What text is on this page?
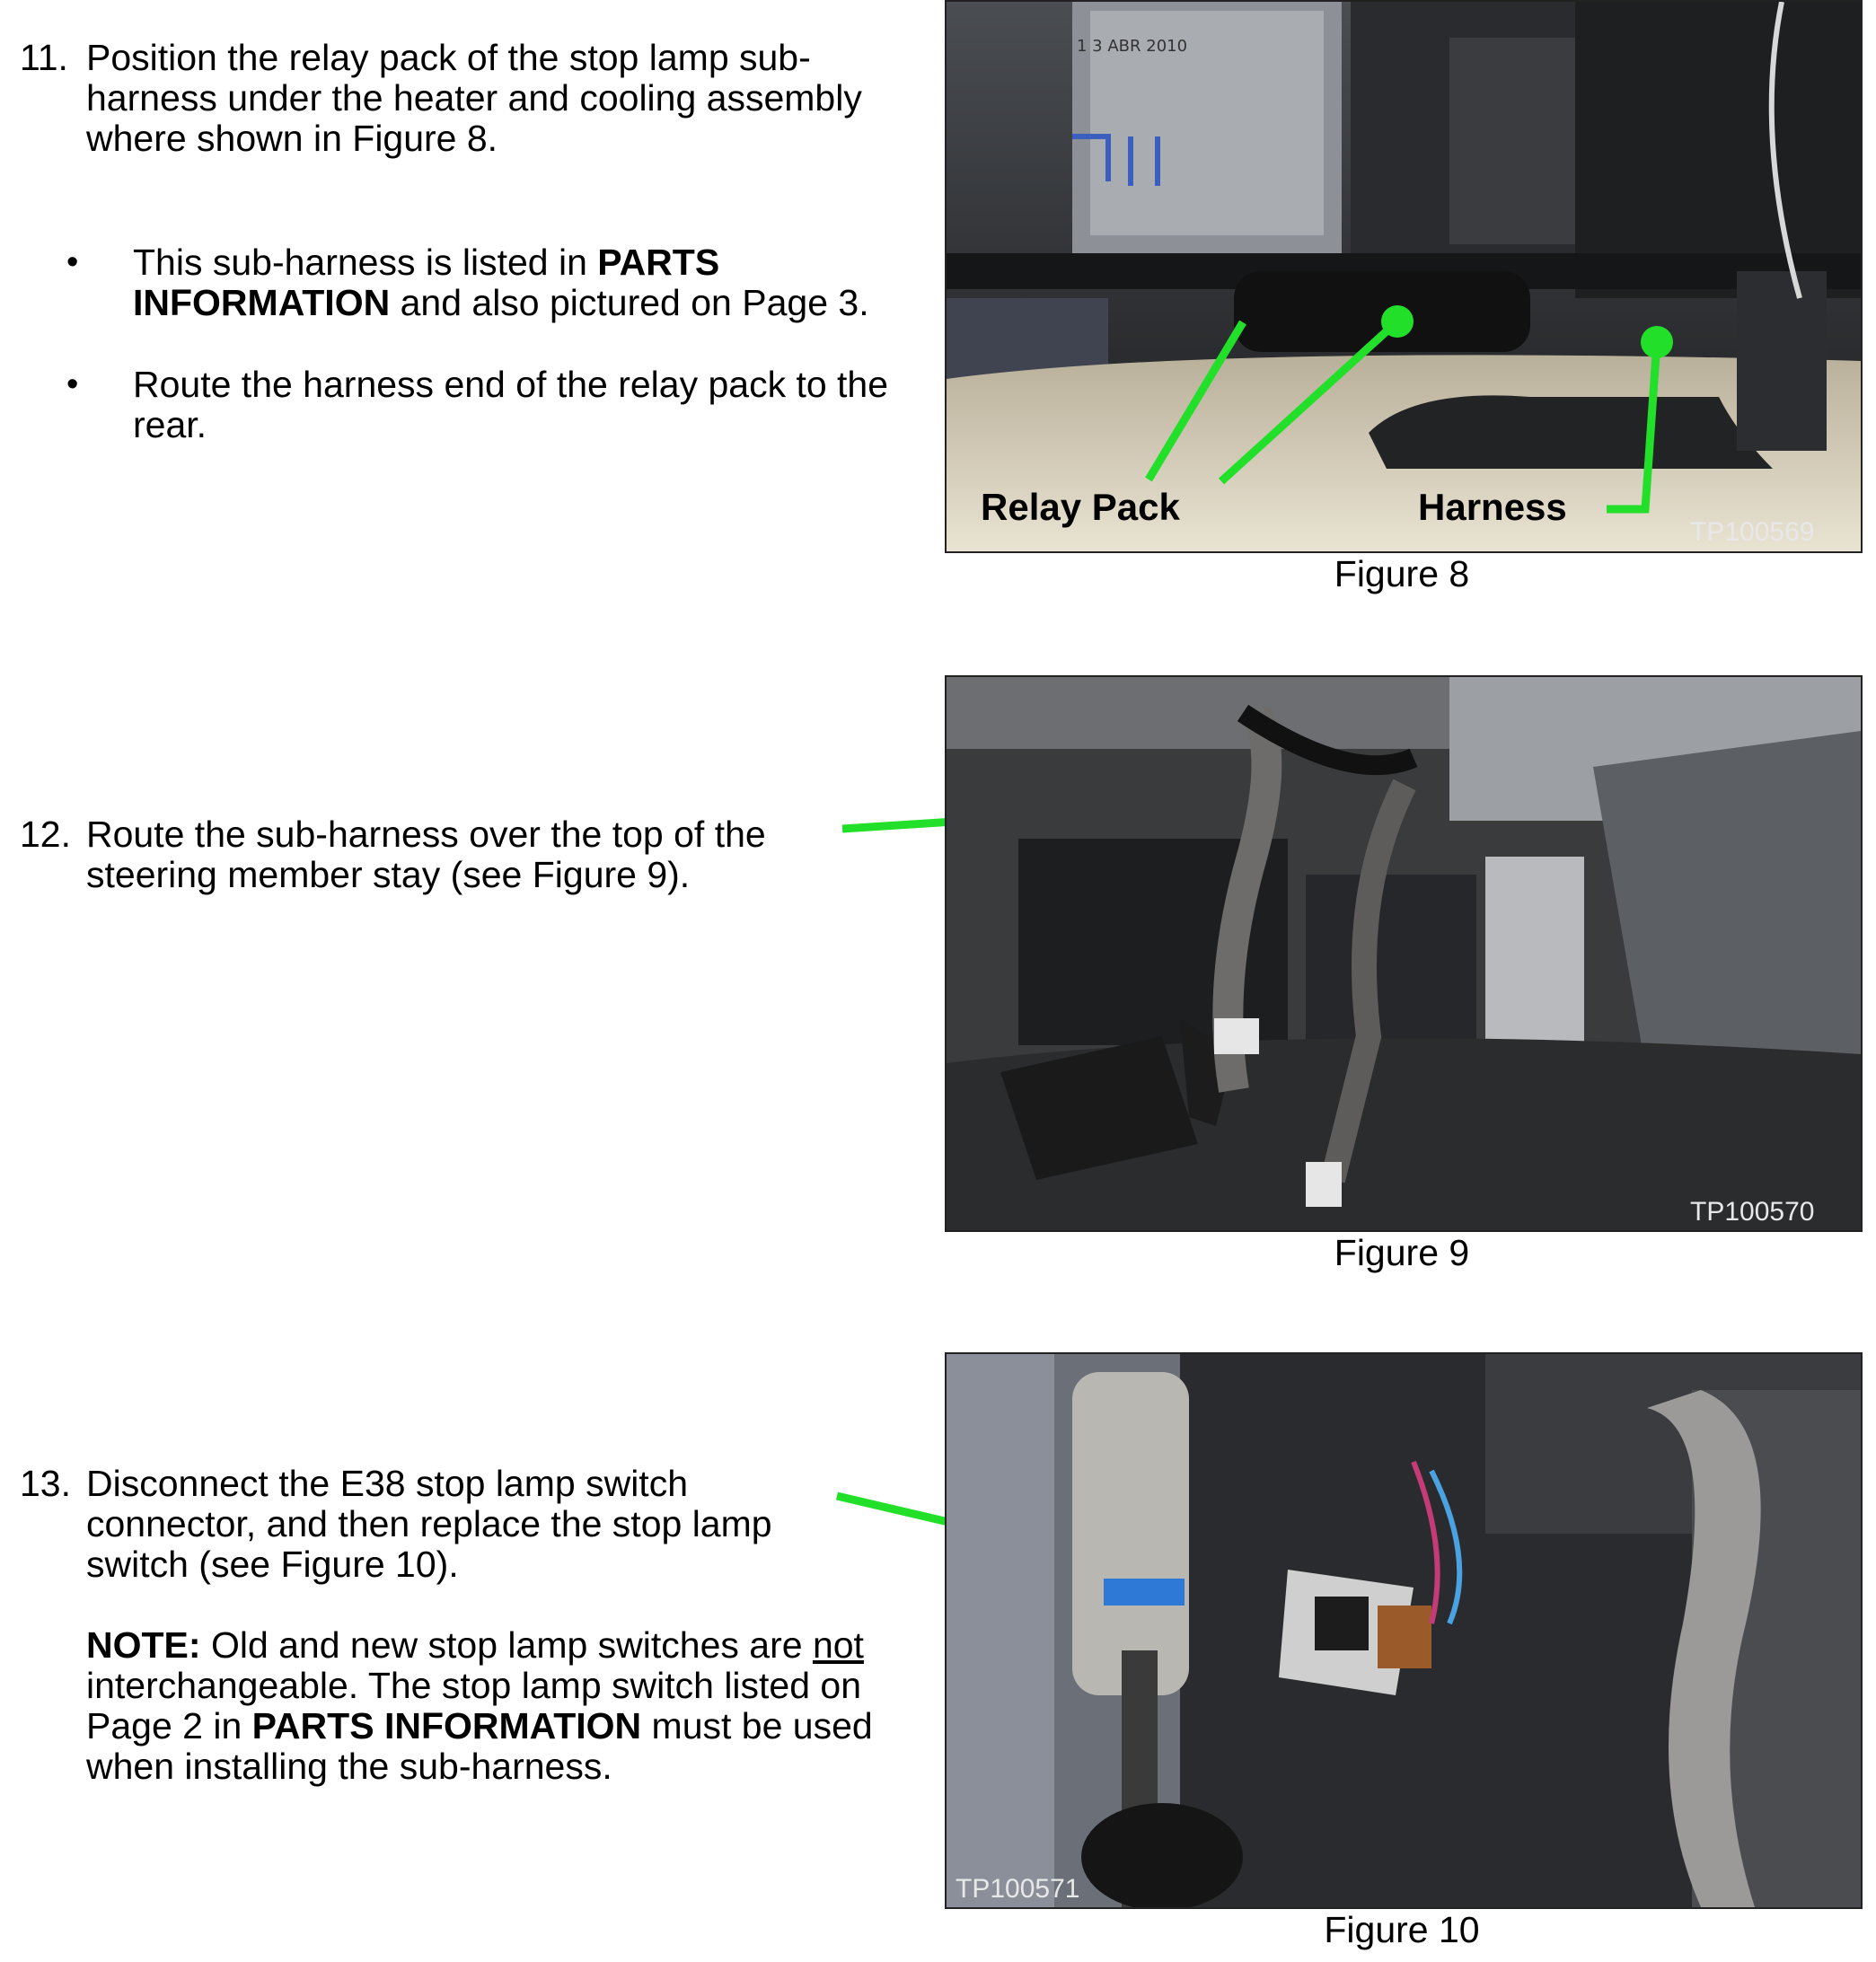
11. Position the relay pack of the stop lamp sub-harness under the heater and cooling assembly where shown in Figure 8.

• This sub-harness is listed in PARTS INFORMATION and also pictured on Page 3.
• Route the harness end of the relay pack to the rear.
1 3 ABR 2010
Relay Pack	Harness
TP100569
Figure 8
12. Route the sub-harness over the top of the steering member stay (see Figure 9).

TP100570
Figure 9
13. Disconnect the E38 stop lamp switch connector, and then replace the stop lamp switch (see Figure 10).

NOTE: Old and new stop lamp switches are not interchangeable. The stop lamp switch listed on Page 2 in PARTS INFORMATION must be used when installing the sub-harness.

TP100571
Figure 10
